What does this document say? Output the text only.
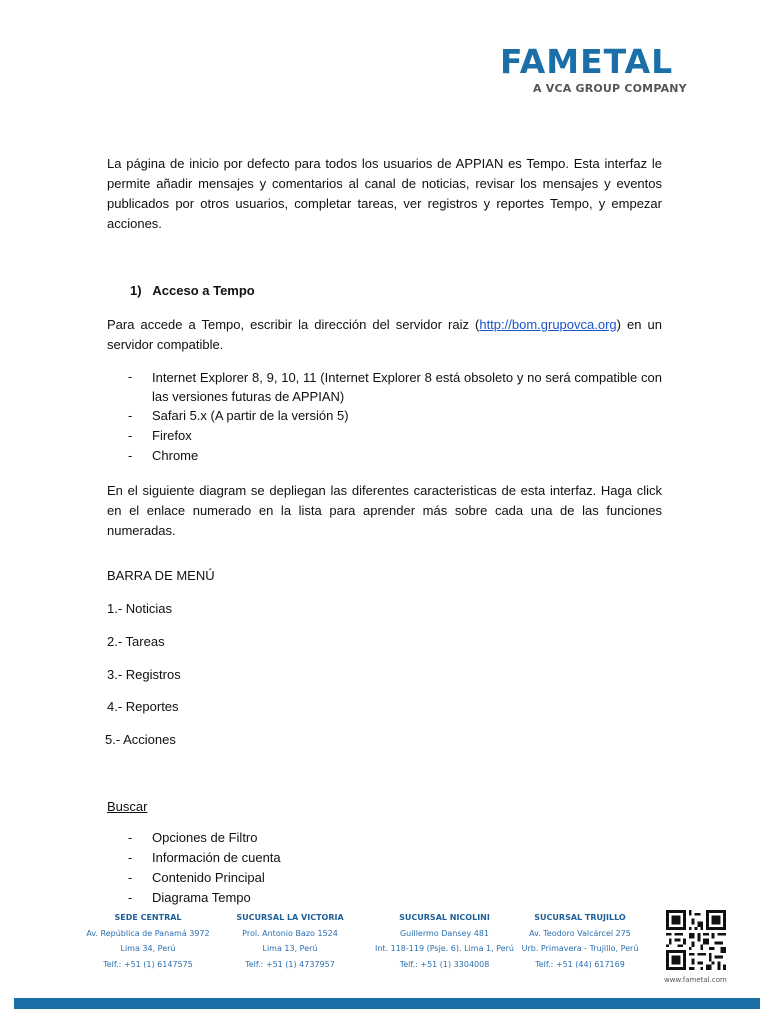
FAMETAL
A VCA GROUP COMPANY
La página de inicio por defecto para todos los usuarios de APPIAN es Tempo. Esta interfaz le permite añadir mensajes y comentarios al canal de noticias, revisar los mensajes y eventos publicados por otros usuarios, completar tareas, ver registros y reportes Tempo, y empezar acciones.
1)   Acceso a Tempo
Para accede a Tempo, escribir la dirección del servidor raiz (http://bom.grupovca.org) en un servidor compatible.
- Internet Explorer 8, 9, 10, 11 (Internet Explorer 8 está obsoleto y no será compatible con las versiones futuras de APPIAN)
- Safari 5.x (A partir de la versión 5)
- Firefox
- Chrome
En el siguiente diagram se depliegan las diferentes caracteristicas de esta interfaz. Haga click en el enlace numerado en la lista para aprender más sobre cada una de las funciones numeradas.
BARRA DE MENÚ
1.- Noticias
2.- Tareas
3.- Registros
4.- Reportes
5.- Acciones
Buscar
- Opciones de Filtro
- Información de cuenta
- Contenido Principal
- Diagrama Tempo
SEDE CENTRAL
Av. República de Panamá 3972
Lima 34, Perú
Telf.: +51 (1) 6147575
SUCURSAL LA VICTORIA
Prol. Antonio Bazo 1524
Lima 13, Perú
Telf.: +51 (1) 4737957
SUCURSAL NICOLINI
Guillermo Dansey 481
Int. 118-119 (Psje. 6). Lima 1, Perú
Telf.: +51 (1) 3304008
SUCURSAL TRUJILLO
Av. Teodoro Valcárcel 275
Urb. Primavera - Trujillo, Perú
Telf.: +51 (44) 617169
www.fametal.com
